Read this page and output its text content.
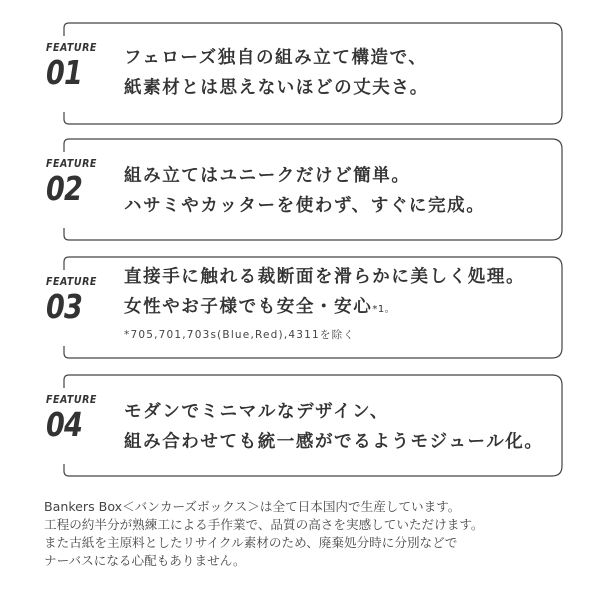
FEATURE
01 フェローズ独自の組み立て構造で、
紙素材とは思えないほどの丈夫さ。
FEATURE
02 組み立てはユニークだけど簡単。
ハサミやカッターを使わず、すぐに完成。
FEATURE
03
直接手に触れる裁断面を滑らかに美しく処理。
女性やお子様でも安全・安心*1。
*705,701,703s(Blue,Red),4311を除く
FEATURE
04 モダンでミニマルなデザイン、
組み合わせても統一感がでるようモジュール化。
Bankers Box＜バンカーズボックス＞は全て日本国内で生産しています。
工程の約半分が熟練工による手作業で、品質の高さを実感していただけます。
また古紙を主原料としたリサイクル素材のため、廃棄処分時に分別などで
ナーバスになる心配もありません。
